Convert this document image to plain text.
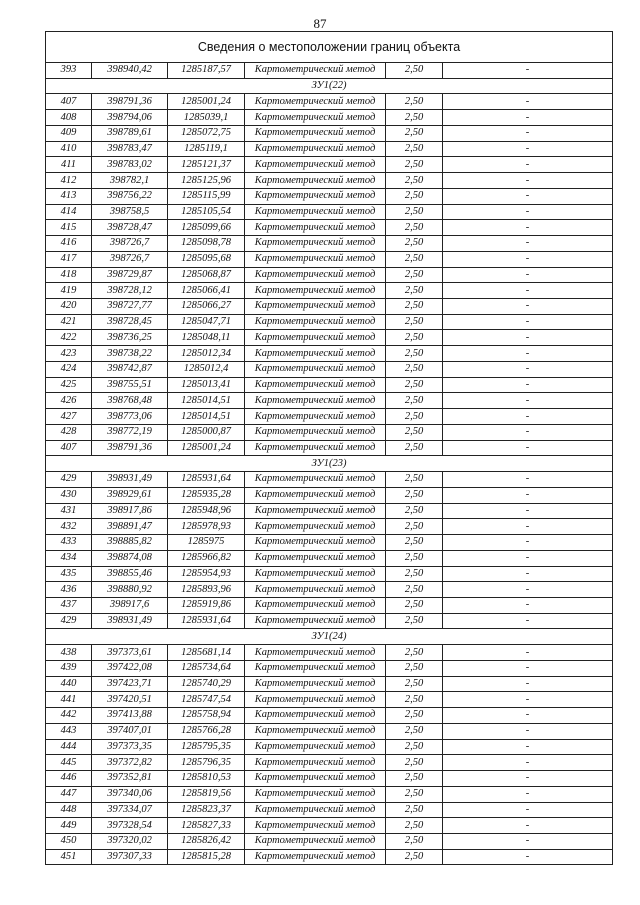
87
Сведения о местоположении границ объекта					
393	398940,42	1285187,57	Картометрический метод	2,50	-
ЗУ1(22)					
407	398791,36	1285001,24	Картометрический метод	2,50	-
408	398794,06	1285039,1	Картометрический метод	2,50	-
409	398789,61	1285072,75	Картометрический метод	2,50	-
410	398783,47	1285119,1	Картометрический метод	2,50	-
411	398783,02	1285121,37	Картометрический метод	2,50	-
412	398782,1	1285125,96	Картометрический метод	2,50	-
413	398756,22	1285115,99	Картометрический метод	2,50	-
414	398758,5	1285105,54	Картометрический метод	2,50	-
415	398728,47	1285099,66	Картометрический метод	2,50	-
416	398726,7	1285098,78	Картометрический метод	2,50	-
417	398726,7	1285095,68	Картометрический метод	2,50	-
418	398729,87	1285068,87	Картометрический метод	2,50	-
419	398728,12	1285066,41	Картометрический метод	2,50	-
420	398727,77	1285066,27	Картометрический метод	2,50	-
421	398728,45	1285047,71	Картометрический метод	2,50	-
422	398736,25	1285048,11	Картометрический метод	2,50	-
423	398738,22	1285012,34	Картометрический метод	2,50	-
424	398742,87	1285012,4	Картометрический метод	2,50	-
425	398755,51	1285013,41	Картометрический метод	2,50	-
426	398768,48	1285014,51	Картометрический метод	2,50	-
427	398773,06	1285014,51	Картометрический метод	2,50	-
428	398772,19	1285000,87	Картометрический метод	2,50	-
407	398791,36	1285001,24	Картометрический метод	2,50	-
ЗУ1(23)					
429	398931,49	1285931,64	Картометрический метод	2,50	-
430	398929,61	1285935,28	Картометрический метод	2,50	-
431	398917,86	1285948,96	Картометрический метод	2,50	-
432	398891,47	1285978,93	Картометрический метод	2,50	-
433	398885,82	1285975	Картометрический метод	2,50	-
434	398874,08	1285966,82	Картометрический метод	2,50	-
435	398855,46	1285954,93	Картометрический метод	2,50	-
436	398880,92	1285893,96	Картометрический метод	2,50	-
437	398917,6	1285919,86	Картометрический метод	2,50	-
429	398931,49	1285931,64	Картометрический метод	2,50	-
ЗУ1(24)					
438	397373,61	1285681,14	Картометрический метод	2,50	-
439	397422,08	1285734,64	Картометрический метод	2,50	-
440	397423,71	1285740,29	Картометрический метод	2,50	-
441	397420,51	1285747,54	Картометрический метод	2,50	-
442	397413,88	1285758,94	Картометрический метод	2,50	-
443	397407,01	1285766,28	Картометрический метод	2,50	-
444	397373,35	1285795,35	Картометрический метод	2,50	-
445	397372,82	1285796,35	Картометрический метод	2,50	-
446	397352,81	1285810,53	Картометрический метод	2,50	-
447	397340,06	1285819,56	Картометрический метод	2,50	-
448	397334,07	1285823,37	Картометрический метод	2,50	-
449	397328,54	1285827,33	Картометрический метод	2,50	-
450	397320,02	1285826,42	Картометрический метод	2,50	-
451	397307,33	1285815,28	Картометрический метод	2,50	-
